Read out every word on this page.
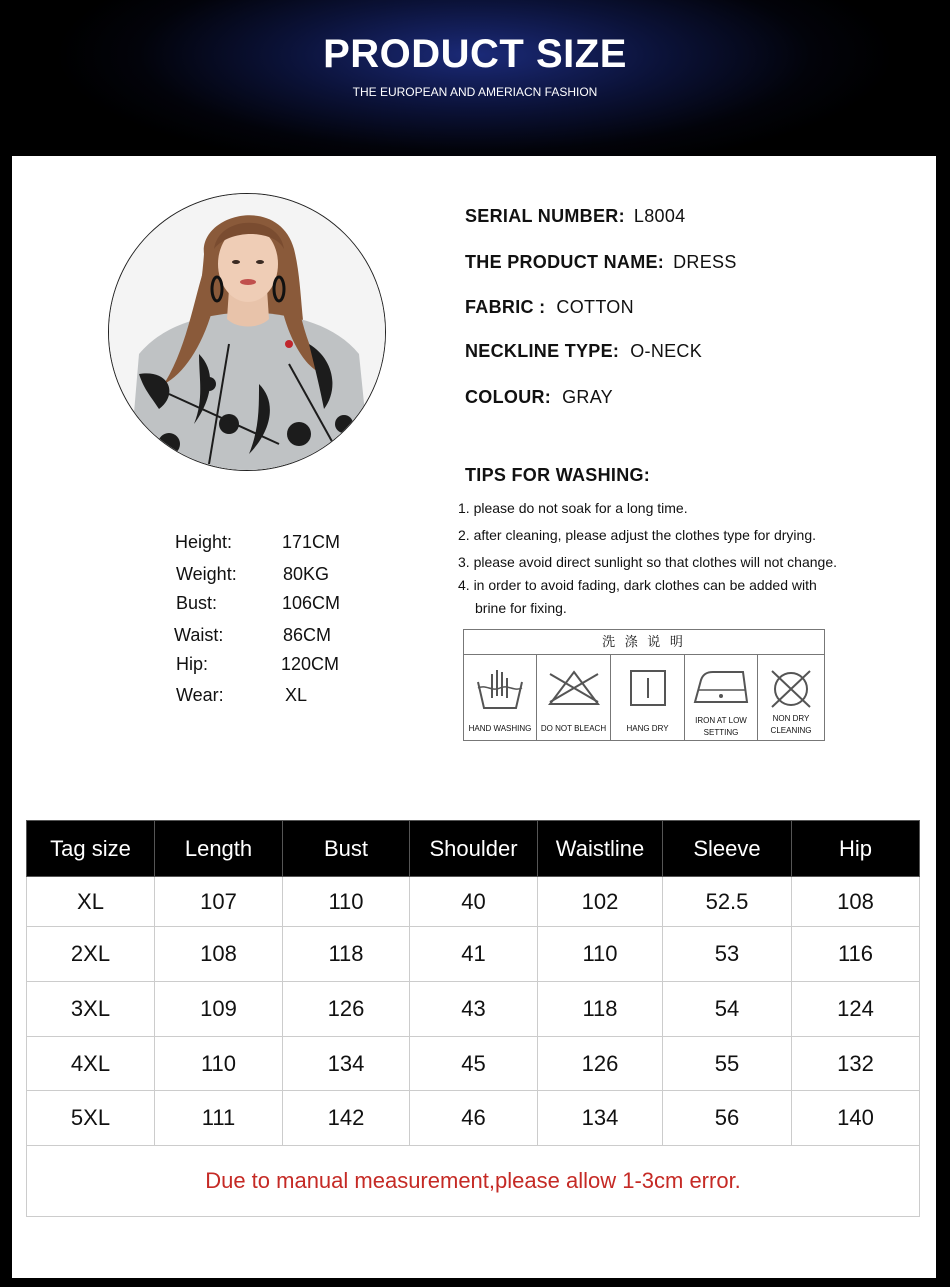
PRODUCT SIZE
THE EUROPEAN AND AMERIACN FASHION
SERIAL NUMBER: L8004
THE PRODUCT NAME: DRESS
FABRIC : COTTON
NECKLINE TYPE: O-NECK
COLOUR: GRAY
TIPS FOR WASHING:
1. please do not soak for a long time.
2. after cleaning, please adjust the clothes type for drying.
3. please avoid direct sunlight so that clothes will not change.
4. in order to avoid fading, dark clothes can be added with
brine for fixing.
洗 涤 说 明
HAND WASHING	DO NOT BLEACH	HANG DRY
IRON AT LOW
SETTING
NON DRY
CLEANING
Height:	171CM
Weight:	80KG
Bust:	106CM
Waist:	86CM
Hip:	120CM
Wear:	XL
Tag size	Length	Bust	Shoulder	Waistline	Sleeve	Hip
XL	107	110	40	102	52.5	108
2XL	108	118	41	110	53	116
3XL	109	126	43	118	54	124
4XL	110	134	45	126	55	132
5XL	111	142	46	134	56	140
Due to manual measurement,please allow 1-3cm error.						
